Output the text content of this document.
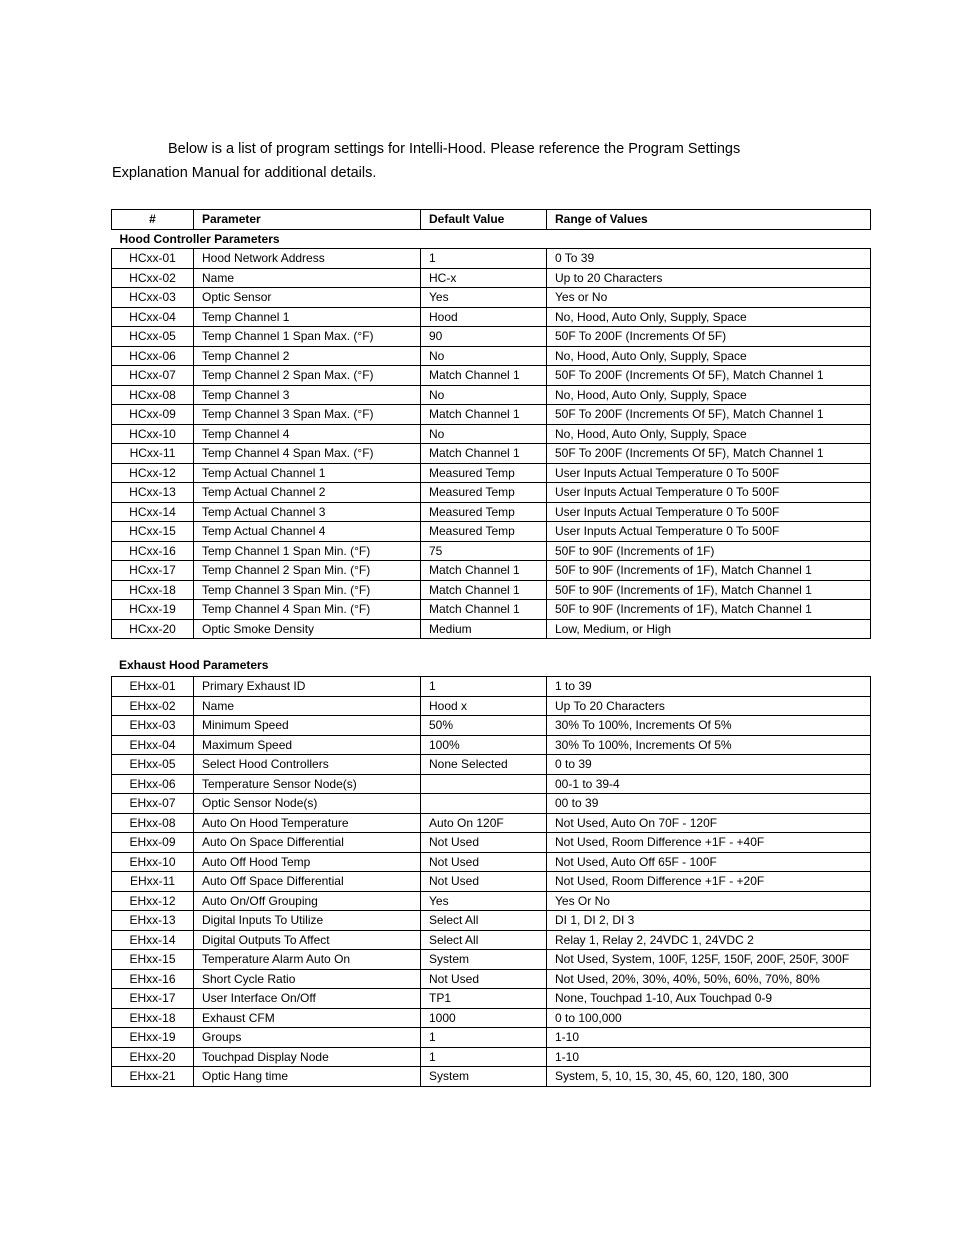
Below is a list of program settings for Intelli-Hood. Please reference the Program Settings Explanation Manual for additional details.

#	Parameter	Default Value	Range of Values
Hood Controller Parameters			
HCxx-01	Hood Network Address	1	0 To 39
HCxx-02	Name	HC-x	Up to 20 Characters
HCxx-03	Optic Sensor	Yes	Yes or No
HCxx-04	Temp Channel 1	Hood	No, Hood, Auto Only, Supply, Space
HCxx-05	Temp Channel 1 Span Max. (°F)	90	50F To 200F (Increments Of 5F)
HCxx-06	Temp Channel 2	No	No, Hood, Auto Only, Supply, Space
HCxx-07	Temp Channel 2 Span Max. (°F)	Match Channel 1	50F To 200F (Increments Of 5F), Match Channel 1
HCxx-08	Temp Channel 3	No	No, Hood, Auto Only, Supply, Space
HCxx-09	Temp Channel 3 Span Max. (°F)	Match Channel 1	50F To 200F (Increments Of 5F), Match Channel 1
HCxx-10	Temp Channel 4	No	No, Hood, Auto Only, Supply, Space
HCxx-11	Temp Channel 4 Span Max. (°F)	Match Channel 1	50F To 200F (Increments Of 5F), Match Channel 1
HCxx-12	Temp Actual Channel 1	Measured Temp	User Inputs Actual Temperature 0 To 500F
HCxx-13	Temp Actual Channel 2	Measured Temp	User Inputs Actual Temperature 0 To 500F
HCxx-14	Temp Actual Channel 3	Measured Temp	User Inputs Actual Temperature 0 To 500F
HCxx-15	Temp Actual Channel 4	Measured Temp	User Inputs Actual Temperature 0 To 500F
HCxx-16	Temp Channel 1 Span Min. (°F)	75	50F to 90F (Increments of 1F)
HCxx-17	Temp Channel 2 Span Min. (°F)	Match Channel 1	50F to 90F (Increments of 1F), Match Channel 1
HCxx-18	Temp Channel 3 Span Min. (°F)	Match Channel 1	50F to 90F (Increments of 1F), Match Channel 1
HCxx-19	Temp Channel 4 Span Min. (°F)	Match Channel 1	50F to 90F (Increments of 1F), Match Channel 1
HCxx-20	Optic Smoke Density	Medium	Low, Medium, or High
Exhaust Hood Parameters
EHxx-01	Primary Exhaust ID	1	1 to 39
EHxx-02	Name	Hood x	Up To 20 Characters
EHxx-03	Minimum Speed	50%	30% To 100%, Increments Of 5%
EHxx-04	Maximum Speed	100%	30% To 100%, Increments Of 5%
EHxx-05	Select Hood Controllers	None Selected	0 to 39
EHxx-06	Temperature Sensor Node(s)		00-1 to 39-4
EHxx-07	Optic Sensor Node(s)		00 to 39
EHxx-08	Auto On Hood Temperature	Auto On 120F	Not Used, Auto On 70F - 120F
EHxx-09	Auto On Space Differential	Not Used	Not Used, Room Difference +1F - +40F
EHxx-10	Auto Off Hood Temp	Not Used	Not Used, Auto Off 65F - 100F
EHxx-11	Auto Off Space Differential	Not Used	Not Used, Room Difference +1F - +20F
EHxx-12	Auto On/Off Grouping	Yes	Yes Or No
EHxx-13	Digital Inputs To Utilize	Select All	DI 1, DI 2, DI 3
EHxx-14	Digital Outputs To Affect	Select All	Relay 1, Relay 2, 24VDC 1, 24VDC 2
EHxx-15	Temperature Alarm Auto On	System	Not Used, System, 100F, 125F, 150F, 200F, 250F, 300F
EHxx-16	Short Cycle Ratio	Not Used	Not Used, 20%, 30%, 40%, 50%, 60%, 70%, 80%
EHxx-17	User Interface On/Off	TP1	None, Touchpad 1-10, Aux Touchpad 0-9
EHxx-18	Exhaust CFM	1000	0 to 100,000
EHxx-19	Groups	1	1-10
EHxx-20	Touchpad Display Node	1	1-10
EHxx-21	Optic Hang time	System	System, 5, 10, 15, 30, 45, 60, 120, 180, 300
